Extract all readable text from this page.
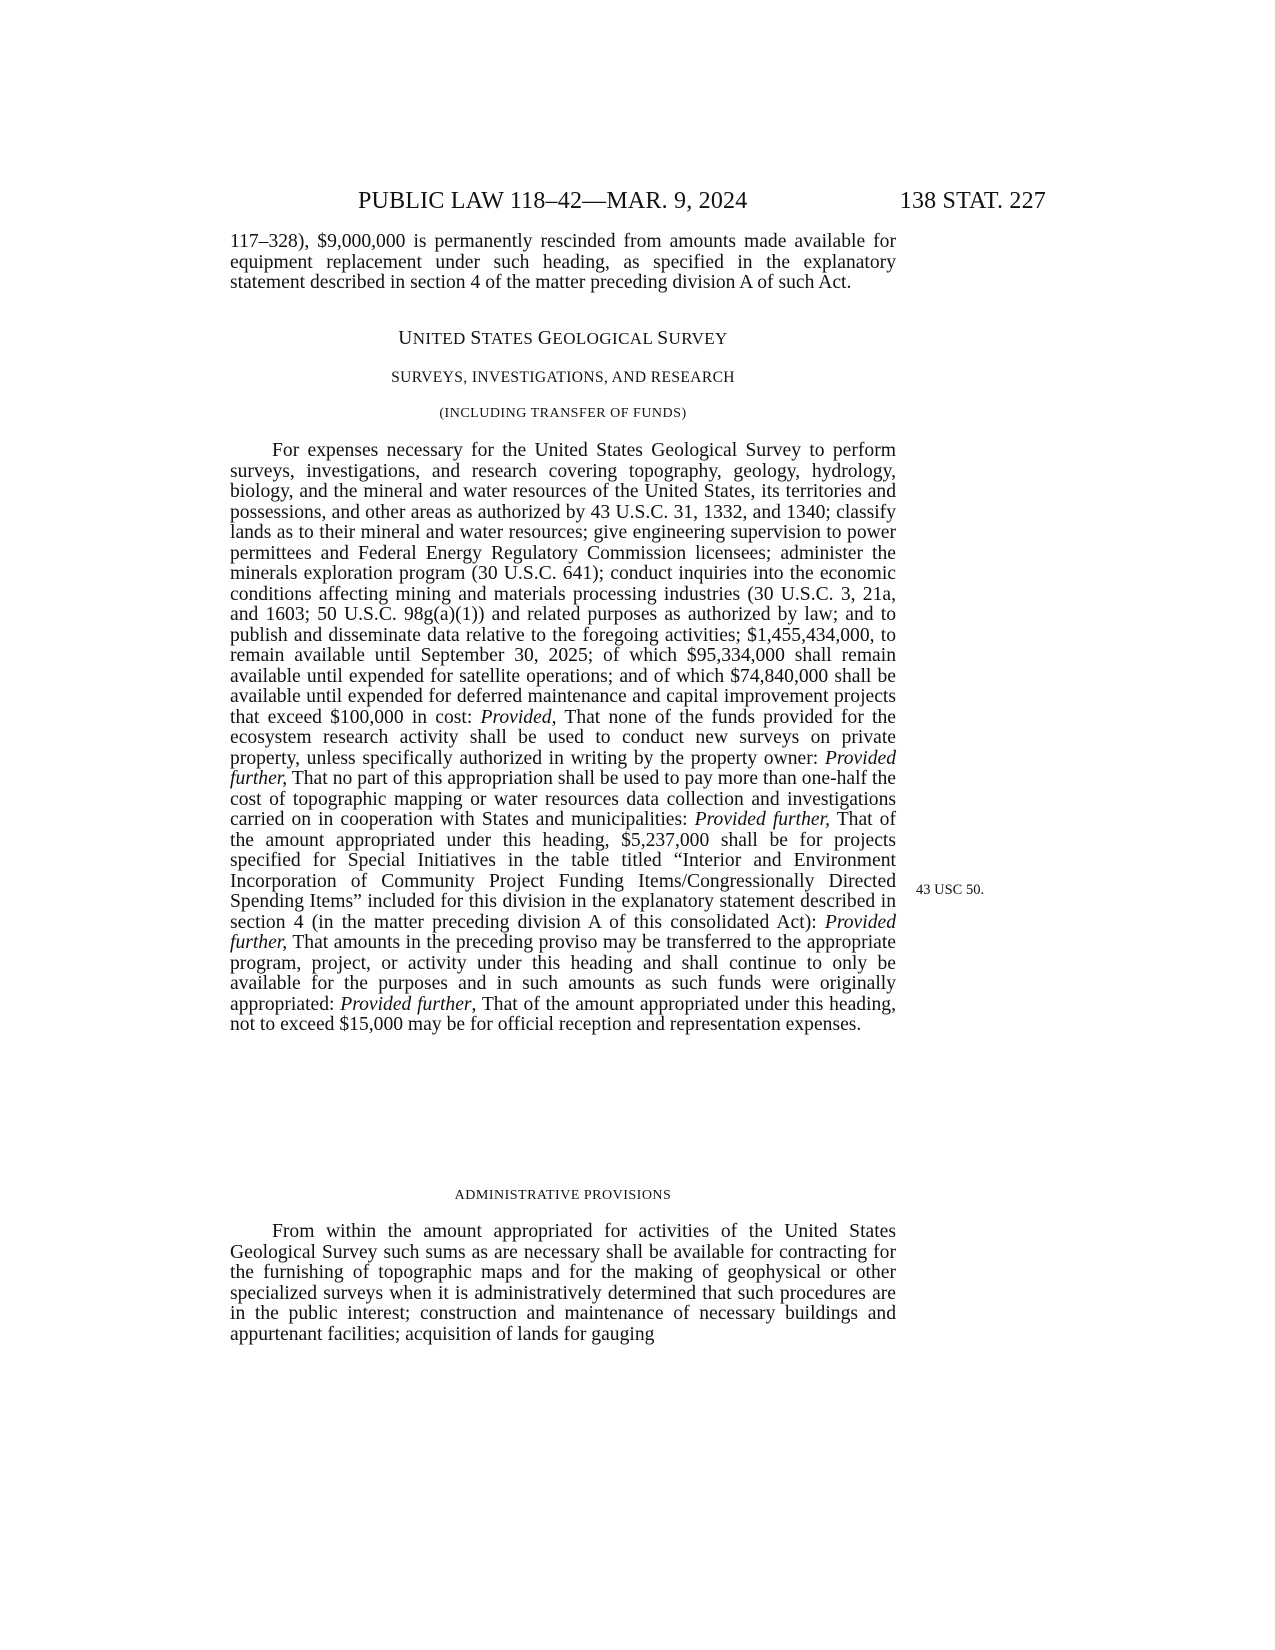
PUBLIC LAW 118–42—MAR. 9, 2024	138 STAT. 227

117–328), $9,000,000 is permanently rescinded from amounts made available for equipment replacement under such heading, as specified in the explanatory statement described in section 4 of the matter preceding division A of such Act.

UNITED STATES GEOLOGICAL SURVEY
SURVEYS, INVESTIGATIONS, AND RESEARCH
(INCLUDING TRANSFER OF FUNDS)

For expenses necessary for the United States Geological Survey to perform surveys, investigations, and research covering topography, geology, hydrology, biology, and the mineral and water resources of the United States, its territories and possessions, and other areas as authorized by 43 U.S.C. 31, 1332, and 1340; classify lands as to their mineral and water resources; give engineering supervision to power permittees and Federal Energy Regulatory Commission licensees; administer the minerals exploration program (30 U.S.C. 641); conduct inquiries into the economic conditions affecting mining and materials processing industries (30 U.S.C. 3, 21a, and 1603; 50 U.S.C. 98g(a)(1)) and related purposes as authorized by law; and to publish and disseminate data relative to the foregoing activities; $1,455,434,000, to remain available until September 30, 2025; of which $95,334,000 shall remain available until expended for satellite operations; and of which $74,840,000 shall be available until expended for deferred maintenance and capital improvement projects that exceed $100,000 in cost: Provided, That none of the funds provided for the ecosystem research activity shall be used to conduct new surveys on private property, unless specifically authorized in writing by the property owner: Provided further, That no part of this appropriation shall be used to pay more than one-half the cost of topographic mapping or water resources data collection and investigations carried on in cooperation with States and municipalities: Provided further, That of the amount appropriated under this heading, $5,237,000 shall be for projects specified for Special Initiatives in the table titled “Interior and Environment Incorporation of Community Project Funding Items/Congressionally Directed Spending Items” included for this division in the explanatory statement described in section 4 (in the matter preceding division A of this consolidated Act): Provided further, That amounts in the preceding proviso may be transferred to the appropriate program, project, or activity under this heading and shall continue to only be available for the purposes and in such amounts as such funds were originally appropriated: Provided further, That of the amount appropriated under this heading, not to exceed $15,000 may be for official reception and representation expenses.

43 USC 50.
ADMINISTRATIVE PROVISIONS

From within the amount appropriated for activities of the United States Geological Survey such sums as are necessary shall be available for contracting for the furnishing of topographic maps and for the making of geophysical or other specialized surveys when it is administratively determined that such procedures are in the public interest; construction and maintenance of necessary buildings and appurtenant facilities; acquisition of lands for gauging
